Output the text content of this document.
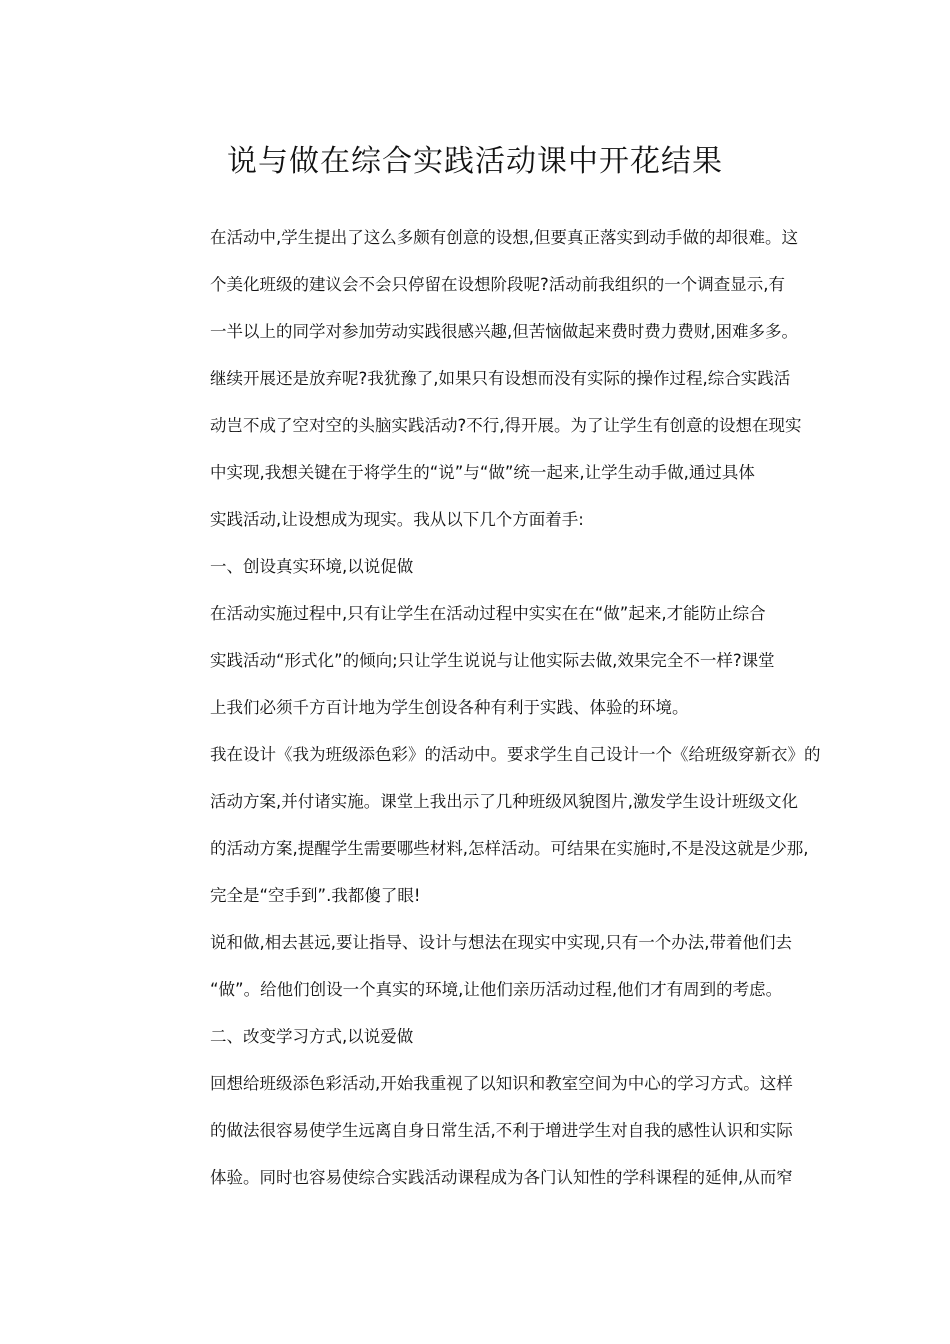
说与做在综合实践活动课中开花结果
在活动中,学生提出了这么多颇有创意的设想,但要真正落实到动手做的却很难。这
个美化班级的建议会不会只停留在设想阶段呢?活动前我组织的一个调查显示,有
一半以上的同学对参加劳动实践很感兴趣,但苦恼做起来费时费力费财,困难多多。
继续开展还是放弃呢?我犹豫了,如果只有设想而没有实际的操作过程,综合实践活
动岂不成了空对空的头脑实践活动?不行,得开展。为了让学生有创意的设想在现实
中实现,我想关键在于将学生的“说”与“做”统一起来,让学生动手做,通过具体
实践活动,让设想成为现实。我从以下几个方面着手:
一、创设真实环境,以说促做
在活动实施过程中,只有让学生在活动过程中实实在在“做”起来,才能防止综合
实践活动“形式化”的倾向;只让学生说说与让他实际去做,效果完全不一样?课堂
上我们必须千方百计地为学生创设各种有利于实践、体验的环境。
我在设计《我为班级添色彩》的活动中。要求学生自己设计一个《给班级穿新衣》的
活动方案,并付诸实施。课堂上我出示了几种班级风貌图片,激发学生设计班级文化
的活动方案,提醒学生需要哪些材料,怎样活动。可结果在实施时,不是没这就是少那,
完全是“空手到”.我都傻了眼!
说和做,相去甚远,要让指导、设计与想法在现实中实现,只有一个办法,带着他们去
“做”。给他们创设一个真实的环境,让他们亲历活动过程,他们才有周到的考虑。
二、改变学习方式,以说爱做
回想给班级添色彩活动,开始我重视了以知识和教室空间为中心的学习方式。这样
的做法很容易使学生远离自身日常生活,不利于增进学生对自我的感性认识和实际
体验。同时也容易使综合实践活动课程成为各门认知性的学科课程的延伸,从而窄
